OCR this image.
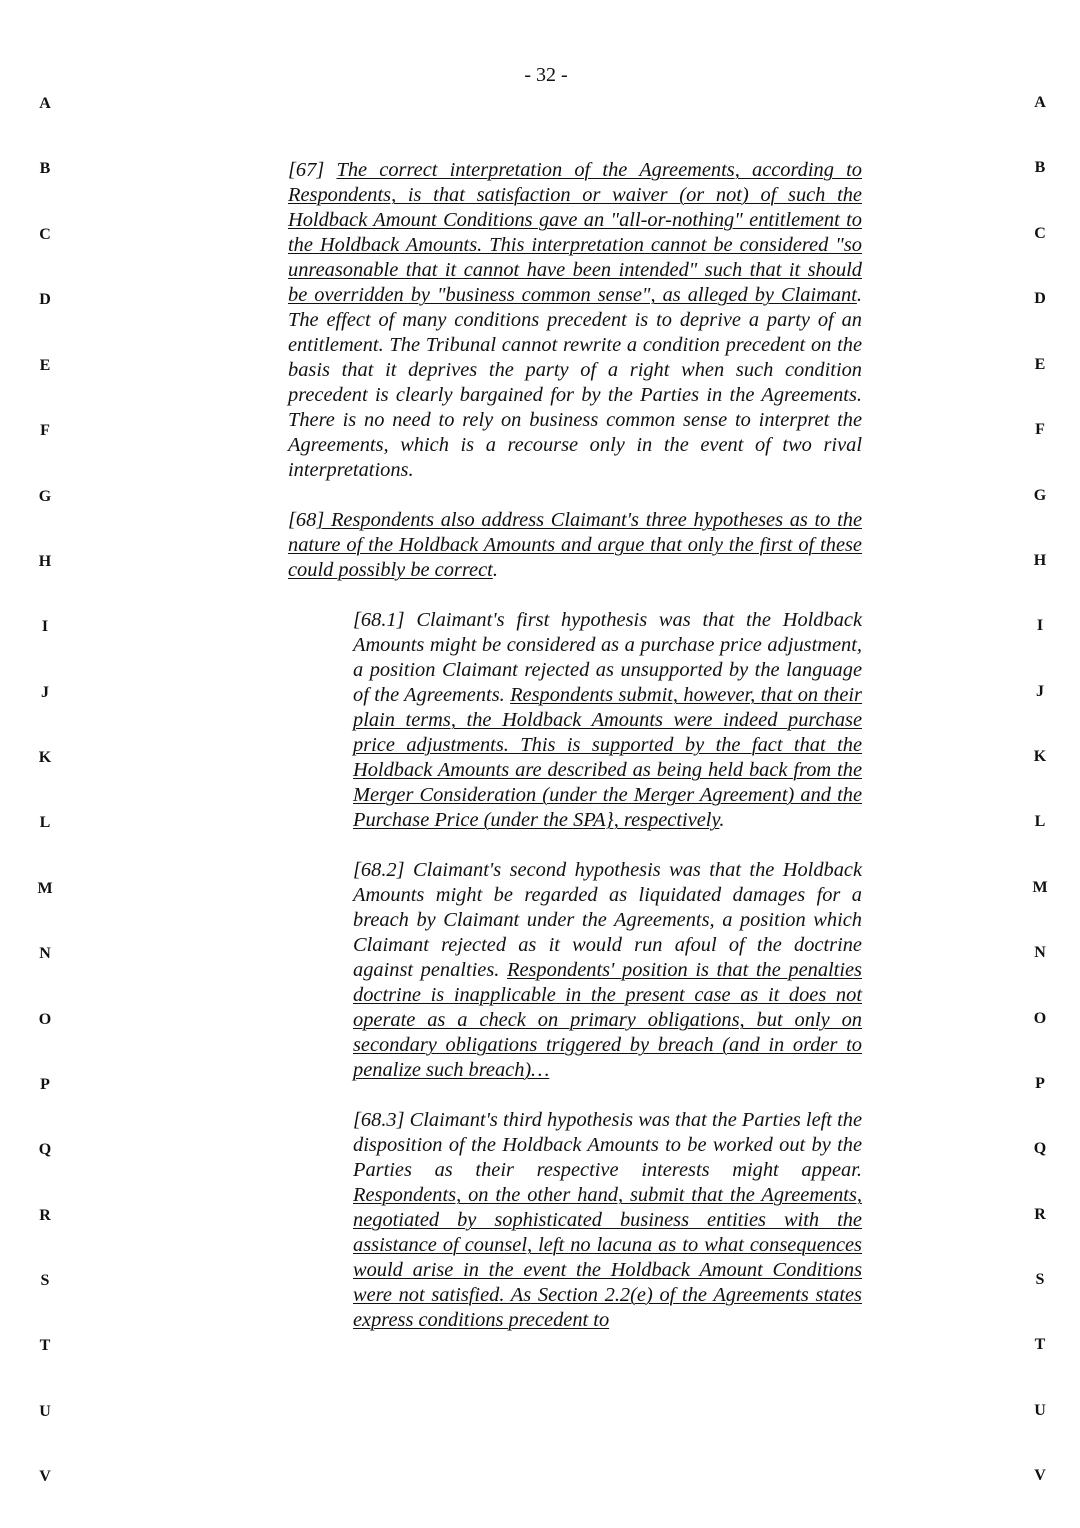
- 32 -
A
B
C
D
E
F
G
H
I
J
K
L
M
N
O
P
Q
R
S
T
U
V
A
B
C
D
E
F
G
H
I
J
K
L
M
N
O
P
Q
R
S
T
U
V

[67] The correct interpretation of the Agreements, according to Respondents, is that satisfaction or waiver (or not) of such the Holdback Amount Conditions gave an "all-or-nothing" entitlement to the Holdback Amounts. This interpretation cannot be considered "so unreasonable that it cannot have been intended" such that it should be overridden by "business common sense", as alleged by Claimant. The effect of many conditions precedent is to deprive a party of an entitlement. The Tribunal cannot rewrite a condition precedent on the basis that it deprives the party of a right when such condition precedent is clearly bargained for by the Parties in the Agreements. There is no need to rely on business common sense to interpret the Agreements, which is a recourse only in the event of two rival interpretations.

[68] Respondents also address Claimant's three hypotheses as to the nature of the Holdback Amounts and argue that only the first of these could possibly be correct.

[68.1] Claimant's first hypothesis was that the Holdback Amounts might be considered as a purchase price adjustment, a position Claimant rejected as unsupported by the language of the Agreements. Respondents submit, however, that on their plain terms, the Holdback Amounts were indeed purchase price adjustments. This is supported by the fact that the Holdback Amounts are described as being held back from the Merger Consideration (under the Merger Agreement) and the Purchase Price (under the SPA}, respectively.

[68.2] Claimant's second hypothesis was that the Holdback Amounts might be regarded as liquidated damages for a breach by Claimant under the Agreements, a position which Claimant rejected as it would run afoul of the doctrine against penalties. Respondents' position is that the penalties doctrine is inapplicable in the present case as it does not operate as a check on primary obligations, but only on secondary obligations triggered by breach (and in order to penalize such breach)…

[68.3] Claimant's third hypothesis was that the Parties left the disposition of the Holdback Amounts to be worked out by the Parties as their respective interests might appear. Respondents, on the other hand, submit that the Agreements, negotiated by sophisticated business entities with the assistance of counsel, left no lacuna as to what consequences would arise in the event the Holdback Amount Conditions were not satisfied. As Section 2.2(e) of the Agreements states express conditions precedent to
